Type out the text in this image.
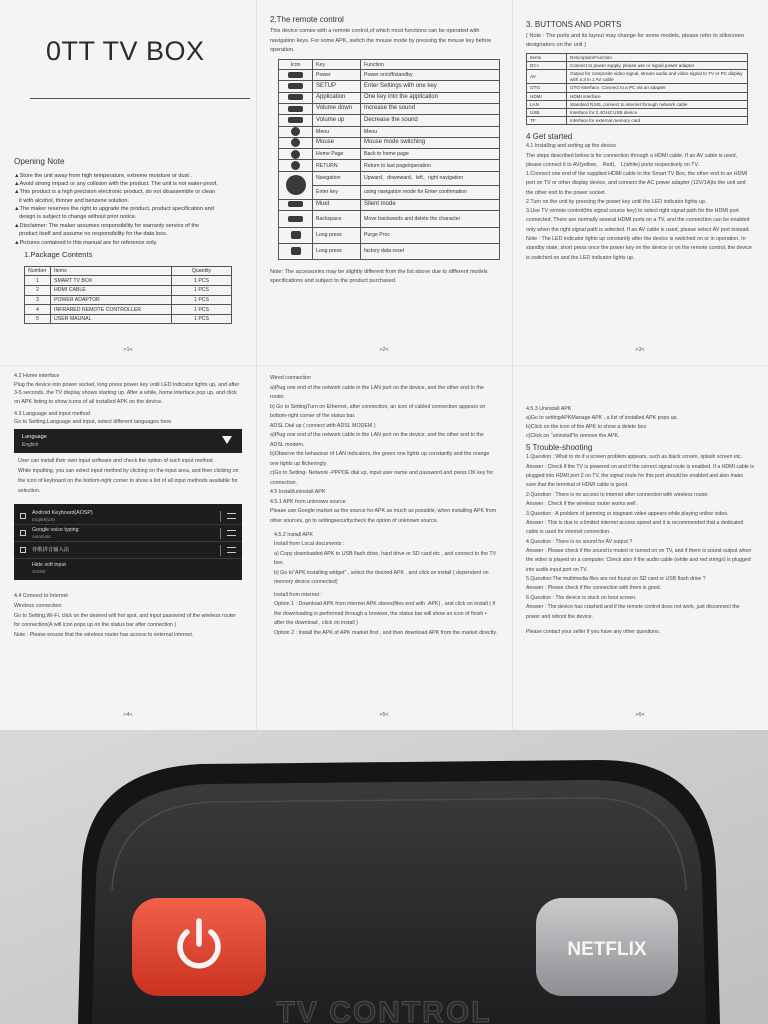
0TT TV BOX
Opening Note
▲Store the unit away from high temperature, extreme moisture or dust .
▲Avoid strong impact or any collision with the product. The unit is not water-proof.
▲This product is a high precision electronic product, do not disassemble or clean
it with alcohol, thinner and benzene solution.
▲The maker reserves the right to upgrade the product, product specification and
design is subject to change without prior notice.
▲Disclaimer: The maker assumes responsibility for warranty service of the
product itself and assume no responsibility for the data loss.
▲Pictures contained in this manual are for reference only.
1.Package Contents
Number	Items	Quantity
1	SMART TV BOX	1 PCS
2	HDMI CABLE	1 PCS
3	POWER ADAPTOR	1 PCS
4	INFRARED REMOTE CONTROLLER	1 PCS
5	USER MAUNAL	1 PCS
>1<
2.The remote control
This device comes with a remote control,of which most functions can be operated with navigation keys. For some APK, switch the mouse mode by pressing the mouse key before operation.
Icon	Key	Function
	Power	Power on/off/standby
	SETUP	Enter Settings with one key
	Application	One key into the application
	Volume down	Increase the sound
	Volume up	Decrease the sound
	Menu	Menu
	Mouse	Mouse mode switching
	Home Page	Back to home page
	RETURN	Return to last page/operation
	Navigation	Upward、downward、left、right navigation
	Enter key	using navigation mode for Enter confirmation
	Muet	Silent mode
	Backspace	Move backwards and delete the character
	Long press	Purge Proc
	Long press	factory data reset
Note: The accessories may be slightly different from the list above due to different models specifications and subject to the product purchased.
>2<
3. BUTTONS AND PORTS
( Note : The ports and its layout may change for some models, please refer to silkscreen designators on the unit )
Items	Description/Function
DC+	Connect to power supply, please use or signal power adapter
AV	Output for composite video signal, stream audio and video signal to TV or PC display with a 3 in 1 AV cable
OTG	OTG-interface. Connect to a PC via an adapter
HDMI	HDMI interface
LAN	Standard RJ45, connect to internet through network cable
USB	Interface for 2.4GHZ USB device
TF	Interface for external memory card
4 Get started
4.1 Installing and setting up the device
The steps described below is for connection through a HDMI cable. If an AV cable is used, please connect it to AV(yellow、 Red)、 L(white) ports respectively on TV.
1.Connect one end of the supplied HDMI cable to the Smart TV Box, the other end to an HDMI port on TV or other display device, and connect the AC power adapter (12V/1A)to the unit and the other end to the power socket.
2.Turn on the unit by pressing the power key until the LED indicator lights up.
3.Use TV remote control(the signal source key) to select right signal path for the HDMI port connected. There are normally several HDMI ports on a TV, and the connection can be enabled only when the right signal path is selected. If an AV cable is used, please select AV port instead.
Note : The LED indicator lights up constantly after the device is switched on or in operation. In standby state, short press once the power key on the device or on the remote control, the device is switched on and the LED indicator lights up.
>3<
4.2 Home interface
Plug the device into power socket, long press power key until LED indicator lights up, and after 3-5 seconds, the TV display shows starting up. After a while, home interface pop up, and click on APK listing to show icons of all installed APK on the device.
4.3 Language and input method
Go to Setting,Language and input, select different languages here
Language
English
User can install their own input software and check the option of such input method .
While inputting, you can select input method by clicking on the input area, and then clicking on the icon of keyboard on the bottom-right corner to show a list of all input methods available for selection.
Android Keyboard(AOSP)
English(US)
Google voice typing
Automatic
谷歌拼音输入法
Hide soft input
SHOW
4.4 Connect to Internet
Wireless connection
Go to Setting,Wi-Fi, click on the desired wifi hot spot, and input password of the wireless router for connection(A wifi icon pops up on the status bar after connection )
Note : Please ensure that the wireless router has access to external internet.
>4<
Wired connection
a)Plug one end of the network cable in the LAN port on the device, and the other end to the router.
b) Go to SettingTurn on Ethernet, after connection, an icon of cabled connection appears on bottom-right corner of the status bar.
ADSL Dial up ( connect with ADSL MODEM )
a)Plug one end of the network cable in the LAN port on the device, and the other end to the ADSL modem.
b)Observe the behaviour of LAN indicators, the green one lights up constantly and the orange one lights up flickeringly.
c)Go to Setting- Network -PPPOE dial up, input user name and password and press OK key for connection.
4.5 Install/uninstall APK
4.5.1 APK from unknown source
Please use Google market as the source for APK as much as possible, when installing APK from other sources, go to settingsecuritycheck the option of unknown source.
4.5.2 Install APK
Install from Local documents :
a) Copy downloaded APK to USB flash drive, hard drive or SD card etc , and connect to the TV box.
b) Go to"APK installing widget" , select the desired APK , and click on install ( dependent on memory device connected)
Install from internet :
Option 1 : Download APK from internet APK stores(files end with .APK) , and click on install ( if the downloading is performed through a browser, the status bar will show an icon of finish ▪ after the download , click on install )
Option 2 : Install the APK of APK market first , and then download APK from the market directly.
>5<
4.5.3 Uninstall APK
a)Go to settingAPKManage APK , a list of installed APK pops up.
b)Click on the icon of the APK to show a delete box
c)Click on "uninstall"to remove the APK.
5 Trouble-shooting
1.Question : What to do if a screen problem appears, such as black screen, splash screen etc.
Answer : Check if the TV is powered on and if the correct signal route is enabled. If a HDMI cable is plugged into HDMI port 2 on TV, the signal route for this port should be enabled and also make sure that the terminal of HDMI cable is good.
2.Question : There is no access to internet after connection with wireless router.
Answer : Check if the wireless router works well .
3.Question : A problem of jamming or stagnant video appears while playing online video.
Answer : This is due to a limited internet access speed and it is recommended that a dedicated cable is used for internet connection.
4.Question : There is no sound for AV output ?
Answer : Please check if the sound is muted or turned on on TV, and if there is sound output when the video is played on a computer; Check also if the audio cable (white and red strings) is plugged into audio input port on TV.
5.Question:The multimedia files are not found on SD card or USB flash drive ?
Answer : Please check if the connection with them is good.
6.Question : The device is stuck on boot screen.
Answer : The device has crashed and if the remote control does not work, just disconnect the power and reboot the device.
Please contact your seller if you have any other questions.
>6<
NETFLIX
TV CONTROL
